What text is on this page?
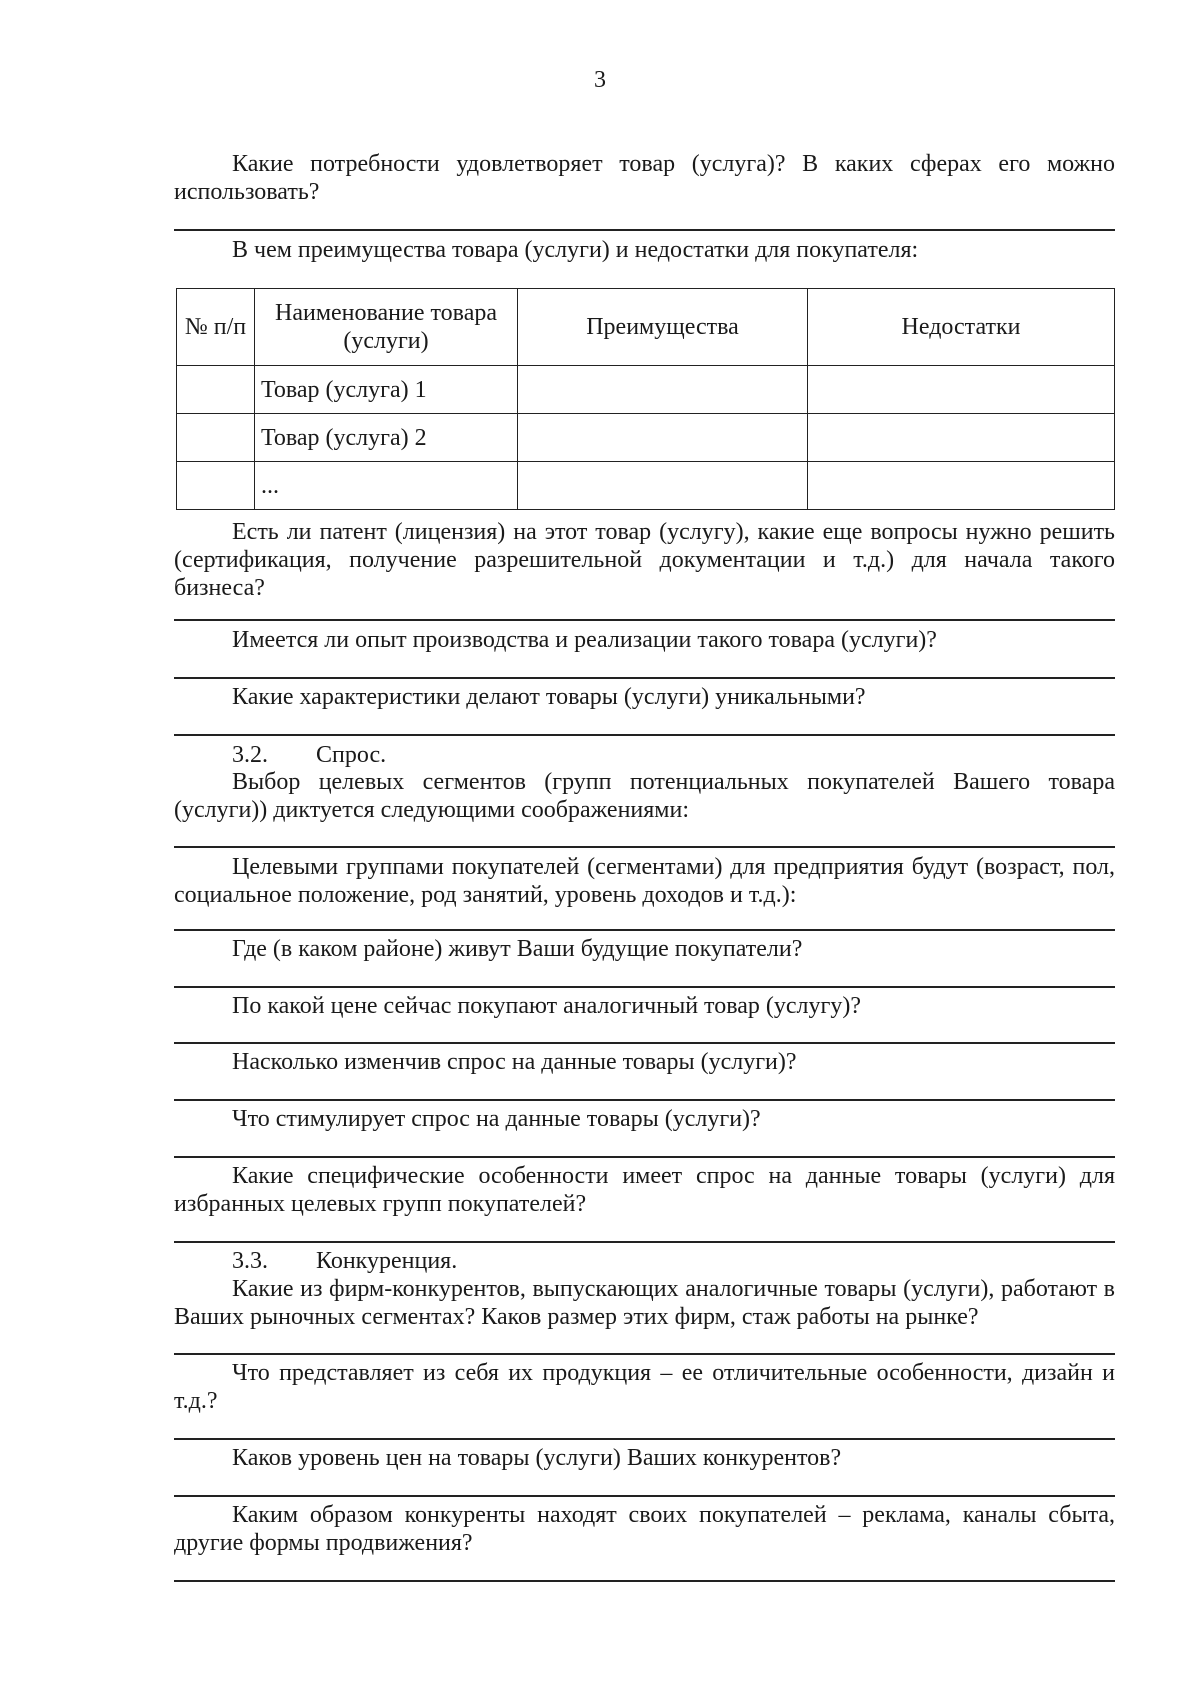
3
Какие потребности удовлетворяет товар (услуга)? В каких сферах его можно использовать?
В чем преимущества товара (услуги) и недостатки для покупателя:
№ п/п	Наименование товара (услуги)	Преимущества	Недостатки
	Товар (услуга) 1		
	Товар (услуга) 2		
	...		
Есть ли патент (лицензия) на этот товар (услугу), какие еще вопросы нужно решить (сертификация, получение разрешительной документации и т.д.) для начала такого бизнеса?
Имеется ли опыт производства и реализации такого товара (услуги)?
Какие характеристики делают товары (услуги) уникальными?
3.2. Спрос.
Выбор целевых сегментов (групп потенциальных покупателей Вашего товара (услуги)) диктуется следующими соображениями:
Целевыми группами покупателей (сегментами) для предприятия будут (возраст, пол, социальное положение, род занятий, уровень доходов и т.д.):
Где (в каком районе) живут Ваши будущие покупатели?
По какой цене сейчас покупают аналогичный товар (услугу)?
Насколько изменчив спрос на данные товары (услуги)?
Что стимулирует спрос на данные товары (услуги)?
Какие специфические особенности имеет спрос на данные товары (услуги) для избранных целевых групп покупателей?
3.3. Конкуренция.
Какие из фирм-конкурентов, выпускающих аналогичные товары (услуги), работают в Ваших рыночных сегментах? Каков размер этих фирм, стаж работы на рынке?
Что представляет из себя их продукция – ее отличительные особенности, дизайн и т.д.?
Каков уровень цен на товары (услуги) Ваших конкурентов?
Каким образом конкуренты находят своих покупателей – реклама, каналы сбыта, другие формы продвижения?
